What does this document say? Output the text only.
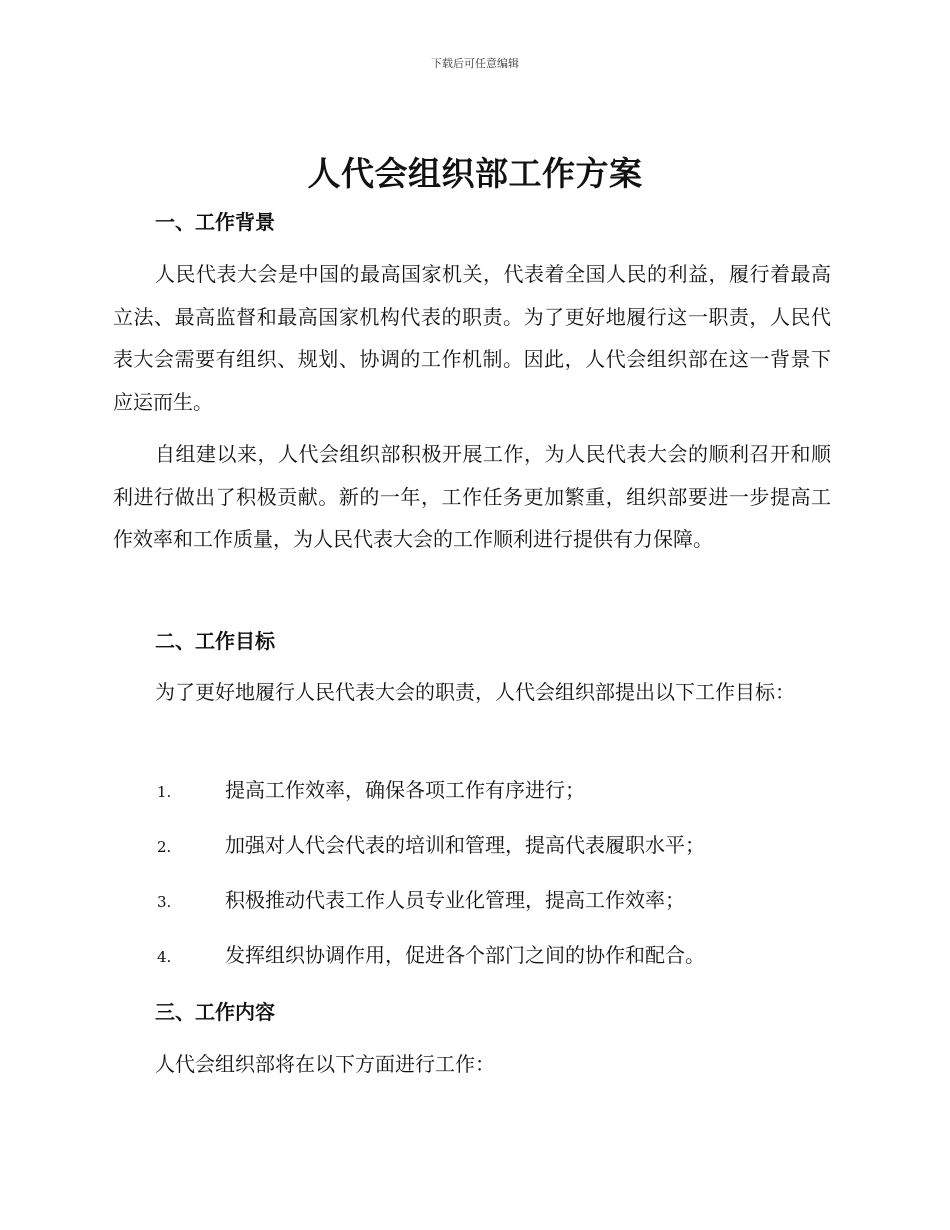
下载后可任意编辑
人代会组织部工作方案
一、工作背景

人民代表大会是中国的最高国家机关，代表着全国人民的利益，履行着最高立法、最高监督和最高国家机构代表的职责。为了更好地履行这一职责，人民代表大会需要有组织、规划、协调的工作机制。因此，人代会组织部在这一背景下应运而生。

自组建以来，人代会组织部积极开展工作，为人民代表大会的顺利召开和顺利进行做出了积极贡献。新的一年，工作任务更加繁重，组织部要进一步提高工作效率和工作质量，为人民代表大会的工作顺利进行提供有力保障。

二、工作目标

为了更好地履行人民代表大会的职责，人代会组织部提出以下工作目标：

1.	提高工作效率，确保各项工作有序进行；
2.	加强对人代会代表的培训和管理，提高代表履职水平；
3.	积极推动代表工作人员专业化管理，提高工作效率；
4.	发挥组织协调作用，促进各个部门之间的协作和配合。
三、工作内容

人代会组织部将在以下方面进行工作：
